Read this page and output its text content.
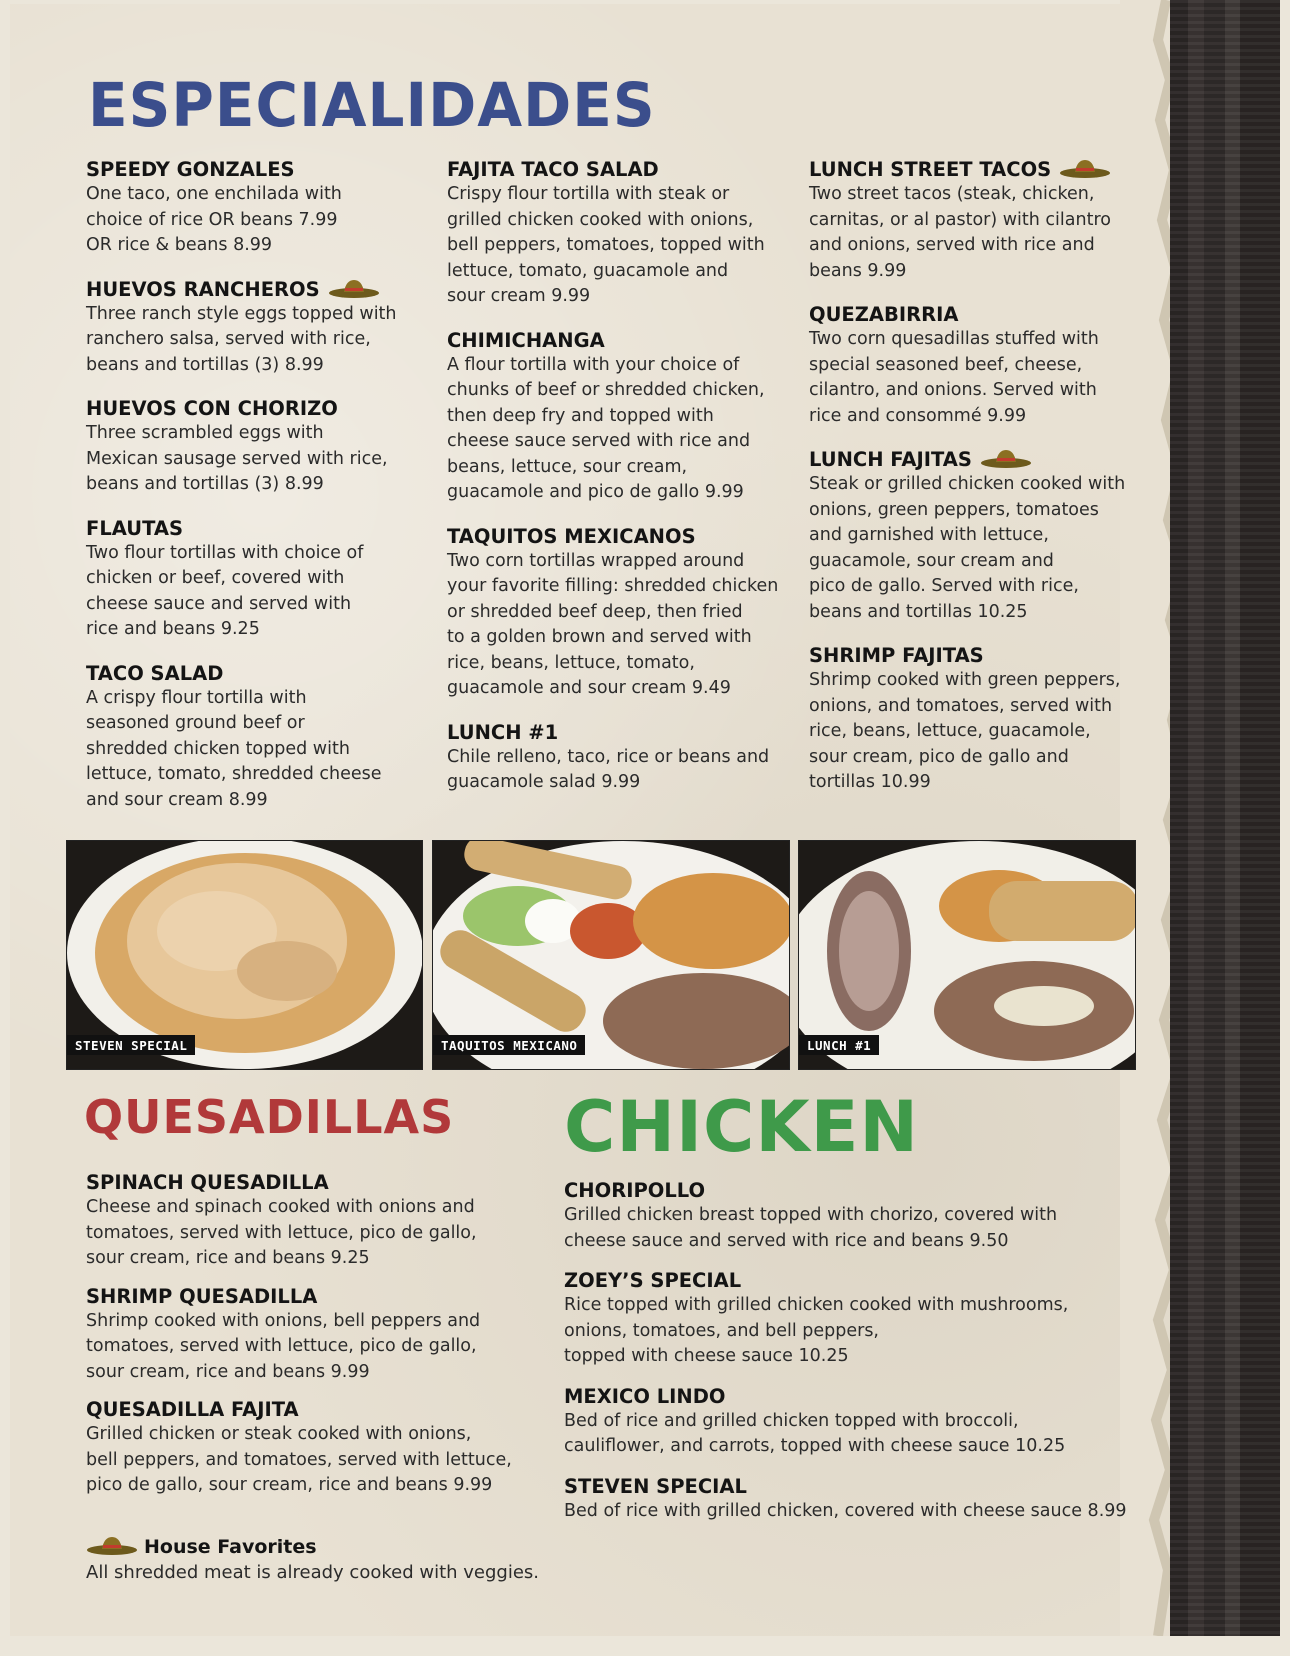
ESPECIALIDADES
SPEEDY GONZALES
One taco, one enchilada with
choice of rice OR beans 7.99
OR rice & beans 8.99
HUEVOS RANCHEROS
Three ranch style eggs topped with
ranchero salsa, served with rice,
beans and tortillas (3) 8.99
HUEVOS CON CHORIZO
Three scrambled eggs with
Mexican sausage served with rice,
beans and tortillas (3) 8.99
FLAUTAS
Two flour tortillas with choice of
chicken or beef, covered with
cheese sauce and served with
rice and beans 9.25
TACO SALAD
A crispy flour tortilla with
seasoned ground beef or
shredded chicken topped with
lettuce, tomato, shredded cheese
and sour cream 8.99
FAJITA TACO SALAD
Crispy flour tortilla with steak or
grilled chicken cooked with onions,
bell peppers, tomatoes, topped with
lettuce, tomato, guacamole and
sour cream 9.99
CHIMICHANGA
A flour tortilla with your choice of
chunks of beef or shredded chicken,
then deep fry and topped with
cheese sauce served with rice and
beans, lettuce, sour cream,
guacamole and pico de gallo 9.99
TAQUITOS MEXICANOS
Two corn tortillas wrapped around
your favorite filling: shredded chicken
or shredded beef deep, then fried
to a golden brown and served with
rice, beans, lettuce, tomato,
guacamole and sour cream 9.49
LUNCH #1
Chile relleno, taco, rice or beans and
guacamole salad 9.99
LUNCH STREET TACOS
Two street tacos (steak, chicken,
carnitas, or al pastor) with cilantro
and onions, served with rice and
beans 9.99
QUEZABIRRIA
Two corn quesadillas stuffed with
special seasoned beef, cheese,
cilantro, and onions. Served with
rice and consommé 9.99
LUNCH FAJITAS
Steak or grilled chicken cooked with
onions, green peppers, tomatoes
and garnished with lettuce,
guacamole, sour cream and
pico de gallo. Served with rice,
beans and tortillas 10.25
SHRIMP FAJITAS
Shrimp cooked with green peppers,
onions, and tomatoes, served with
rice, beans, lettuce, guacamole,
sour cream, pico de gallo and
tortillas 10.99
STEVEN SPECIAL	TAQUITOS MEXICANO	LUNCH #1
QUESADILLAS
SPINACH QUESADILLA
Cheese and spinach cooked with onions and
tomatoes, served with lettuce, pico de gallo,
sour cream, rice and beans 9.25
SHRIMP QUESADILLA
Shrimp cooked with onions, bell peppers and
tomatoes, served with lettuce, pico de gallo,
sour cream, rice and beans 9.99
QUESADILLA FAJITA
Grilled chicken or steak cooked with onions,
bell peppers, and tomatoes, served with lettuce,
pico de gallo, sour cream, rice and beans 9.99
CHICKEN
CHORIPOLLO
Grilled chicken breast topped with chorizo, covered with
cheese sauce and served with rice and beans 9.50
ZOEY’S SPECIAL
Rice topped with grilled chicken cooked with mushrooms,
onions, tomatoes, and bell peppers,
topped with cheese sauce 10.25
MEXICO LINDO
Bed of rice and grilled chicken topped with broccoli,
cauliflower, and carrots, topped with cheese sauce 10.25
STEVEN SPECIAL
Bed of rice with grilled chicken, covered with cheese sauce 8.99
House Favorites
All shredded meat is already cooked with veggies.
